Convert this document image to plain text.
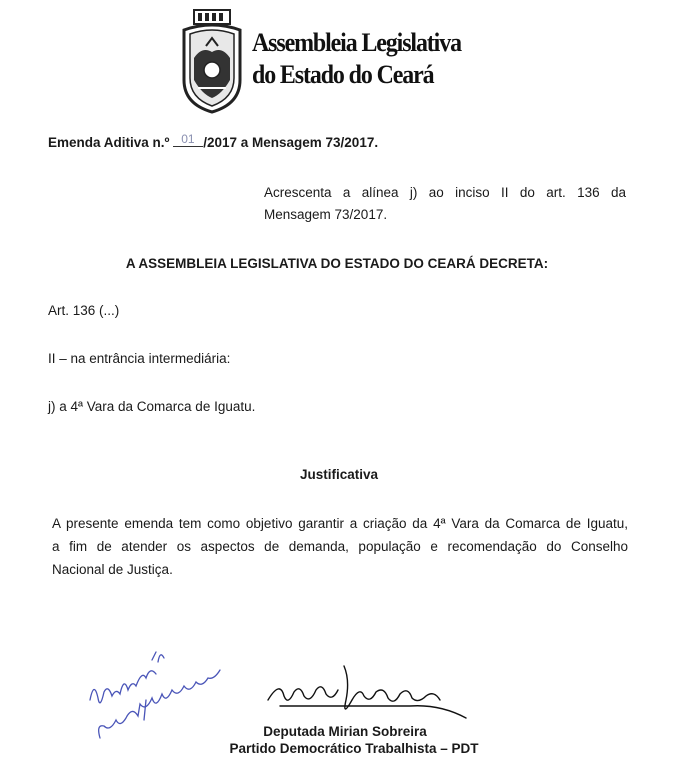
Assembleia Legislativa
do Estado do Ceará
Emenda Aditiva n.º 01 /2017 a Mensagem 73/2017.
Acrescenta a alínea j) ao inciso II do art. 136 da
Mensagem 73/2017.
A ASSEMBLEIA LEGISLATIVA DO ESTADO DO CEARÁ DECRETA:
Art. 136 (...)
II – na entrância intermediária:
j) a 4ª Vara da Comarca de Iguatu.
Justificativa
A presente emenda tem como objetivo garantir a criação da 4ª Vara da Comarca de Iguatu,
a fim de atender os aspectos de demanda, população e recomendação do Conselho
Nacional de Justiça.
Deputada Mirian Sobreira
Partido Democrático Trabalhista – PDT
